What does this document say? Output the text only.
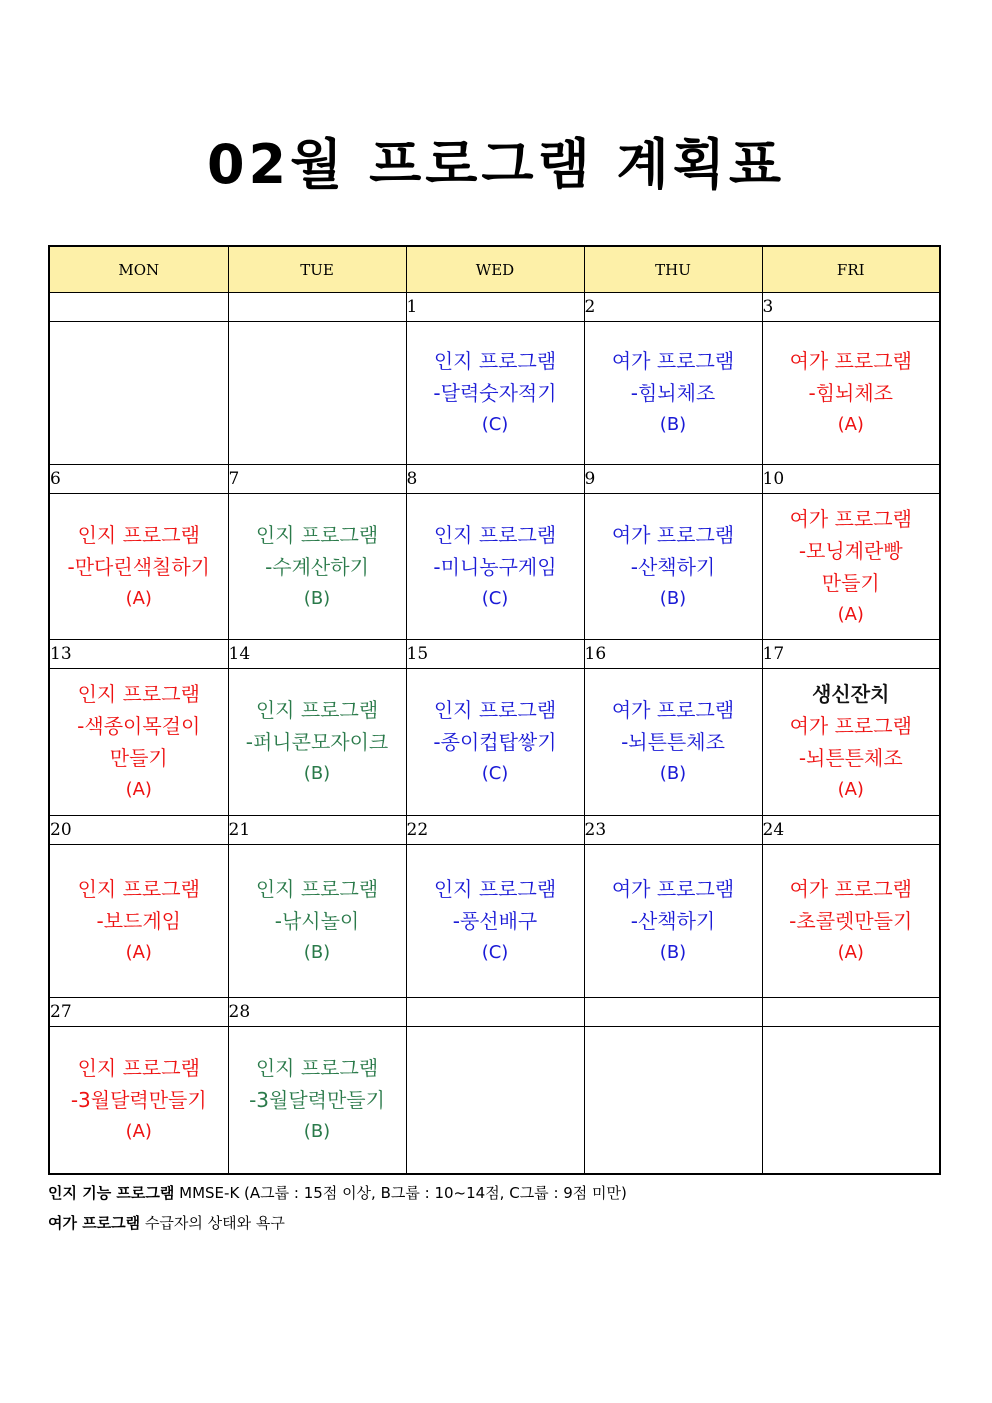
02월 프로그램 계획표
MON	TUE	WED	THU	FRI
		1	2	3

		인지 프로그램
-달력숫자적기
(C)	여가 프로그램
-힘뇌체조
(B)	여가 프로그램
-힘뇌체조
(A)

6	7	8	9	10

인지 프로그램
-만다린색칠하기
(A)	인지 프로그램
-수계산하기
(B)	인지 프로그램
-미니농구게임
(C)	여가 프로그램
-산책하기
(B)	여가 프로그램
-모닝계란빵
만들기
(A)

13	14	15	16	17

인지 프로그램
-색종이목걸이
만들기
(A)	인지 프로그램
-퍼니콘모자이크
(B)	인지 프로그램
-종이컵탑쌓기
(C)	여가 프로그램
-뇌튼튼체조
(B)	생신잔치
여가 프로그램
-뇌튼튼체조
(A)

20	21	22	23	24

인지 프로그램
-보드게임
(A)	인지 프로그램
-낚시놀이
(B)	인지 프로그램
-풍선배구
(C)	여가 프로그램
-산책하기
(B)	여가 프로그램
-초콜렛만들기
(A)

27	28			

인지 프로그램
-3월달력만들기
(A)	인지 프로그램
-3월달력만들기
(B)			

인지 기능 프로그램 MMSE-K (A그룹 : 15점 이상, B그룹 : 10~14점, C그룹 : 9점 미만)
여가 프로그램 수급자의 상태와 욕구
